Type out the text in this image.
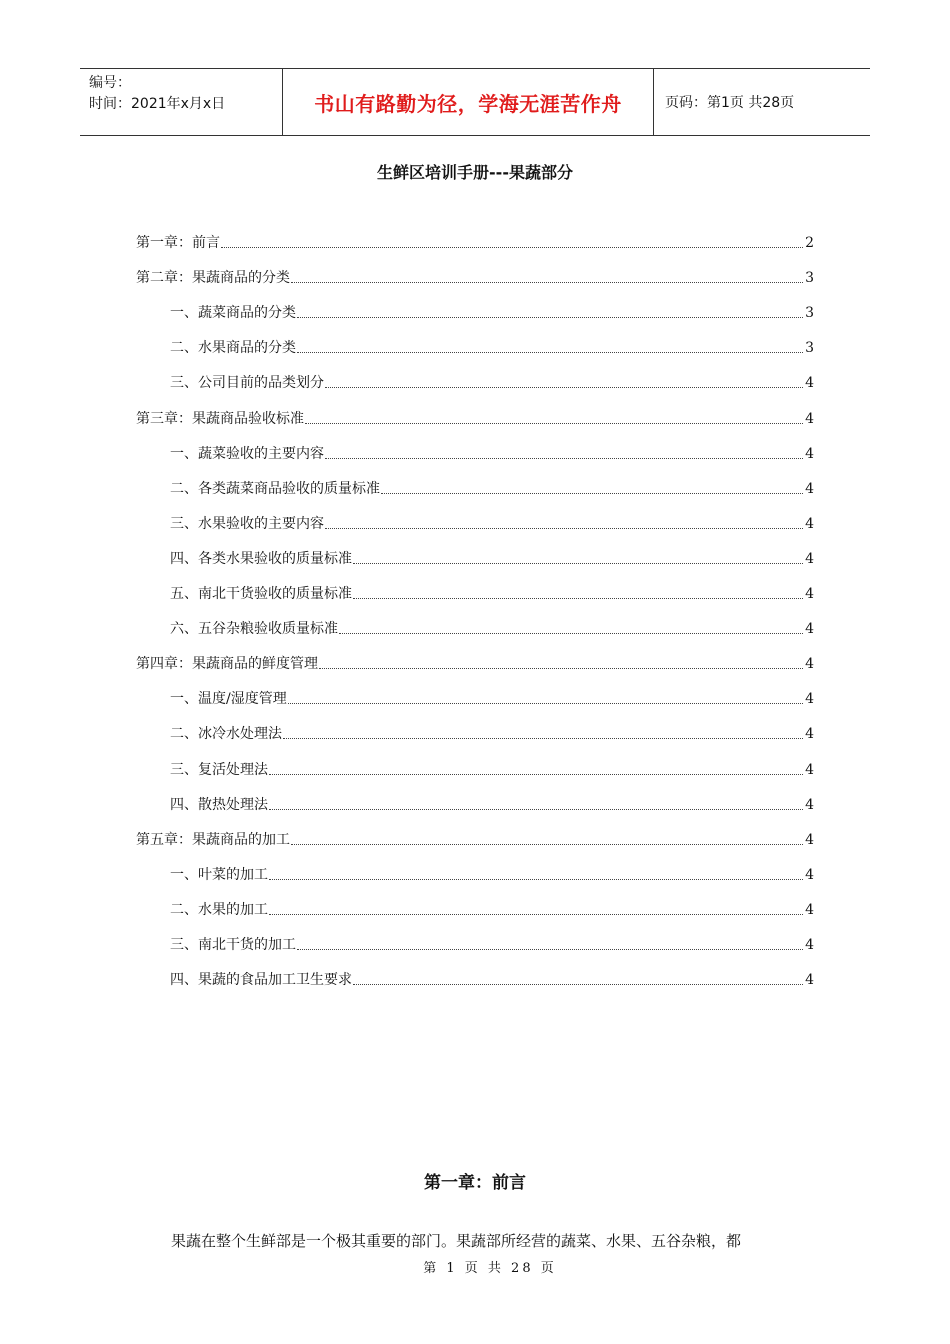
编号：
时间：2021年x月x日	书山有路勤为径，学海无涯苦作舟	页码：第1页 共28页
生鲜区培训手册---果蔬部分
第一章：前言	2
第二章：果蔬商品的分类	3
一、蔬菜商品的分类	3
二、水果商品的分类	3
三、公司目前的品类划分	4
第三章：果蔬商品验收标准	4
一、蔬菜验收的主要内容	4
二、各类蔬菜商品验收的质量标准	4
三、水果验收的主要内容	4
四、各类水果验收的质量标准	4
五、南北干货验收的质量标准	4
六、五谷杂粮验收质量标准	4
第四章：果蔬商品的鲜度管理	4
一、温度/湿度管理	4
二、冰冷水处理法	4
三、复活处理法	4
四、散热处理法	4
第五章：果蔬商品的加工	4
一、叶菜的加工	4
二、水果的加工	4
三、南北干货的加工	4
四、果蔬的食品加工卫生要求	4
第一章：前言
果蔬在整个生鲜部是一个极其重要的部门。果蔬部所经营的蔬菜、水果、五谷杂粮，都
第 1 页 共 28 页
